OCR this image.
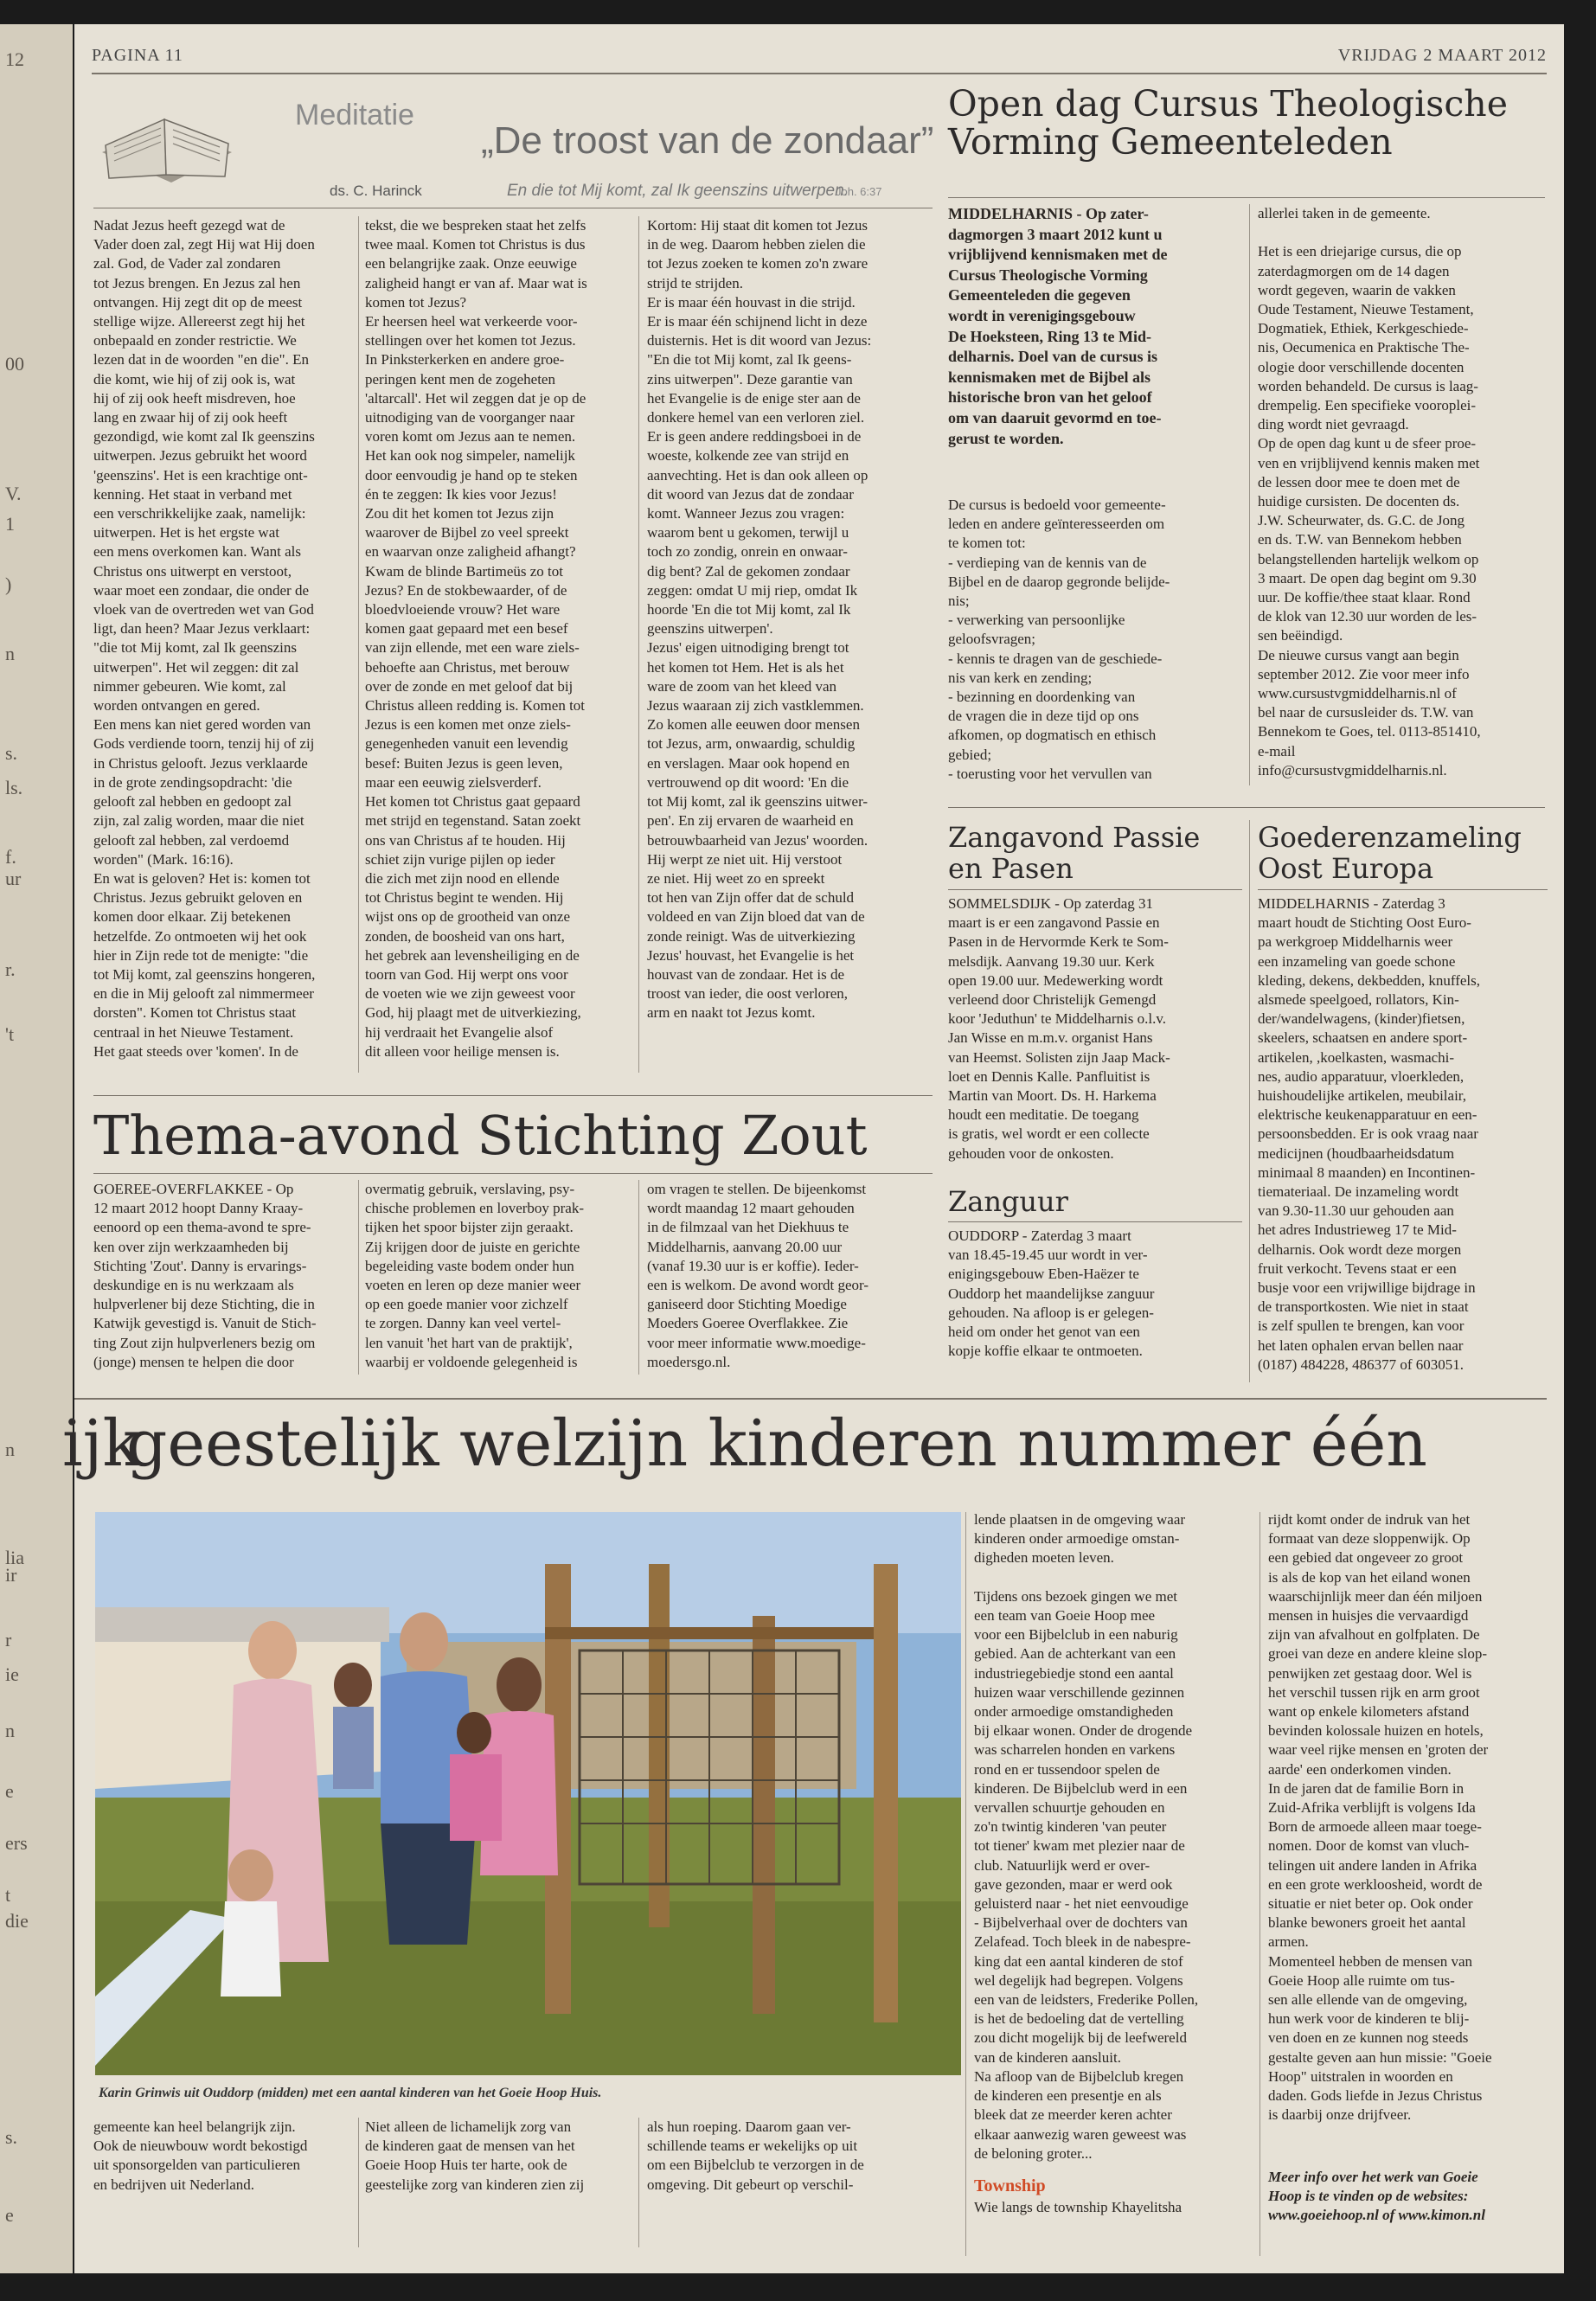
12
00
V.
1
)
n
s.
ls.
f.
ur
r.
't
n
lia
ir
r
ie
n
e
ers
t
die
s.
e
PAGINA 11	VRIJDAG 2 MAART 2012
Meditatie
ds. C. Harinck
„De troost van de zondaar”
En die tot Mij komt, zal Ik geenszins uitwerpen.
Joh. 6:37

Nadat Jezus heeft gezegd wat de
Vader doen zal, zegt Hij wat Hij doen
zal. God, de Vader zal zondaren
tot Jezus brengen. En Jezus zal hen
ontvangen. Hij zegt dit op de meest
stellige wijze. Allereerst zegt hij het
onbepaald en zonder restrictie. We
lezen dat in de woorden "en die". En
die komt, wie hij of zij ook is, wat
hij of zij ook heeft misdreven, hoe
lang en zwaar hij of zij ook heeft
gezondigd, wie komt zal Ik geenszins
uitwerpen. Jezus gebruikt het woord
'geenszins'. Het is een krachtige ont-
kenning. Het staat in verband met
een verschrikkelijke zaak, namelijk:
uitwerpen. Het is het ergste wat
een mens overkomen kan. Want als
Christus ons uitwerpt en verstoot,
waar moet een zondaar, die onder de
vloek van de overtreden wet van God
ligt, dan heen? Maar Jezus verklaart:
"die tot Mij komt, zal Ik geenszins
uitwerpen". Het wil zeggen: dit zal
nimmer gebeuren. Wie komt, zal
worden ontvangen en gered.
Een mens kan niet gered worden van
Gods verdiende toorn, tenzij hij of zij
in Christus gelooft. Jezus verklaarde
in de grote zendingsopdracht: 'die
gelooft zal hebben en gedoopt zal
zijn, zal zalig worden, maar die niet
gelooft zal hebben, zal verdoemd
worden" (Mark. 16:16).
En wat is geloven? Het is: komen tot
Christus. Jezus gebruikt geloven en
komen door elkaar. Zij betekenen
hetzelfde. Zo ontmoeten wij het ook
hier in Zijn rede tot de menigte: "die
tot Mij komt, zal geenszins hongeren,
en die in Mij gelooft zal nimmermeer
dorsten". Komen tot Christus staat
centraal in het Nieuwe Testament.
Het gaat steeds over 'komen'. In de

tekst, die we bespreken staat het zelfs
twee maal. Komen tot Christus is dus
een belangrijke zaak. Onze eeuwige
zaligheid hangt er van af. Maar wat is
komen tot Jezus?
Er heersen heel wat verkeerde voor-
stellingen over het komen tot Jezus.
In Pinksterkerken en andere groe-
peringen kent men de zogeheten
'altarcall'. Het wil zeggen dat je op de
uitnodiging van de voorganger naar
voren komt om Jezus aan te nemen.
Het kan ook nog simpeler, namelijk
door eenvoudig je hand op te steken
én te zeggen: Ik kies voor Jezus!
Zou dit het komen tot Jezus zijn
waarover de Bijbel zo veel spreekt
en waarvan onze zaligheid afhangt?
Kwam de blinde Bartimeüs zo tot
Jezus? En de stokbewaarder, of de
bloedvloeiende vrouw? Het ware
komen gaat gepaard met een besef
van zijn ellende, met een ware ziels-
behoefte aan Christus, met berouw
over de zonde en met geloof dat bij
Christus alleen redding is. Komen tot
Jezus is een komen met onze ziels-
genegenheden vanuit een levendig
besef: Buiten Jezus is geen leven,
maar een eeuwig zielsverderf.
Het komen tot Christus gaat gepaard
met strijd en tegenstand. Satan zoekt
ons van Christus af te houden. Hij
schiet zijn vurige pijlen op ieder
die zich met zijn nood en ellende
tot Christus begint te wenden. Hij
wijst ons op de grootheid van onze
zonden, de boosheid van ons hart,
het gebrek aan levensheiliging en de
toorn van God. Hij werpt ons voor
de voeten wie we zijn geweest voor
God, hij plaagt met de uitverkiezing,
hij verdraait het Evangelie alsof
dit alleen voor heilige mensen is.

Kortom: Hij staat dit komen tot Jezus
in de weg. Daarom hebben zielen die
tot Jezus zoeken te komen zo'n zware
strijd te strijden.
Er is maar één houvast in die strijd.
Er is maar één schijnend licht in deze
duisternis. Het is dit woord van Jezus:
"En die tot Mij komt, zal Ik geens-
zins uitwerpen". Deze garantie van
het Evangelie is de enige ster aan de
donkere hemel van een verloren ziel.
Er is geen andere reddingsboei in de
woeste, kolkende zee van strijd en
aanvechting. Het is dan ook alleen op
dit woord van Jezus dat de zondaar
komt. Wanneer Jezus zou vragen:
waarom bent u gekomen, terwijl u
toch zo zondig, onrein en onwaar-
dig bent? Zal de gekomen zondaar
zeggen: omdat U mij riep, omdat Ik
hoorde 'En die tot Mij komt, zal Ik
geenszins uitwerpen'.
Jezus' eigen uitnodiging brengt tot
het komen tot Hem. Het is als het
ware de zoom van het kleed van
Jezus waaraan zij zich vastklemmen.
Zo komen alle eeuwen door mensen
tot Jezus, arm, onwaardig, schuldig
en verslagen. Maar ook hopend en
vertrouwend op dit woord: 'En die
tot Mij komt, zal ik geenszins uitwer-
pen'. En zij ervaren de waarheid en
betrouwbaarheid van Jezus' woorden.
Hij werpt ze niet uit. Hij verstoot
ze niet. Hij weet zo en spreekt
tot hen van Zijn offer dat de schuld
voldeed en van Zijn bloed dat van de
zonde reinigt. Was de uitverkiezing
Jezus' houvast, het Evangelie is het
houvast van de zondaar. Het is de
troost van ieder, die oost verloren,
arm en naakt tot Jezus komt.

Open dag Cursus Theologische Vorming Gemeenteleden

MIDDELHARNIS - Op zater-
dagmorgen 3 maart 2012 kunt u
vrijblijvend kennismaken met de
Cursus Theologische Vorming
Gemeenteleden die gegeven
wordt in verenigingsgebouw
De Hoeksteen, Ring 13 te Mid-
delharnis. Doel van de cursus is
kennismaken met de Bijbel als
historische bron van het geloof
om van daaruit gevormd en toe-
gerust te worden.

De cursus is bedoeld voor gemeente-
leden en andere geïnteresseerden om
te komen tot:
- verdieping van de kennis van de
Bijbel en de daarop gegronde belijde-
nis;
- verwerking van persoonlijke
geloofsvragen;
- kennis te dragen van de geschiede-
nis van kerk en zending;
- bezinning en doordenking van
de vragen die in deze tijd op ons
afkomen, op dogmatisch en ethisch
gebied;
- toerusting voor het vervullen van

allerlei taken in de gemeente.

Het is een driejarige cursus, die op
zaterdagmorgen om de 14 dagen
wordt gegeven, waarin de vakken
Oude Testament, Nieuwe Testament,
Dogmatiek, Ethiek, Kerkgeschiede-
nis, Oecumenica en Praktische The-
ologie door verschillende docenten
worden behandeld. De cursus is laag-
drempelig. Een specifieke vooroplei-
ding wordt niet gevraagd.
Op de open dag kunt u de sfeer proe-
ven en vrijblijvend kennis maken met
de lessen door mee te doen met de
huidige cursisten. De docenten ds.
J.W. Scheurwater, ds. G.C. de Jong
en ds. T.W. van Bennekom hebben
belangstellenden hartelijk welkom op
3 maart. De open dag begint om 9.30
uur. De koffie/thee staat klaar. Rond
de klok van 12.30 uur worden de les-
sen beëindigd.
De nieuwe cursus vangt aan begin
september 2012. Zie voor meer info
www.cursustvgmiddelharnis.nl of
bel naar de cursusleider ds. T.W. van
Bennekom te Goes, tel. 0113-851410,
e-mail
info@cursustvgmiddelharnis.nl.

Zangavond Passie en Pasen

SOMMELSDIJK - Op zaterdag 31
maart is er een zangavond Passie en
Pasen in de Hervormde Kerk te Som-
melsdijk. Aanvang 19.30 uur. Kerk
open 19.00 uur. Medewerking wordt
verleend door Christelijk Gemengd
koor 'Jeduthun' te Middelharnis o.l.v.
Jan Wisse en m.m.v. organist Hans
van Heemst. Solisten zijn Jaap Mack-
loet en Dennis Kalle. Panfluitist is
Martin van Moort. Ds. H. Harkema
houdt een meditatie. De toegang
is gratis, wel wordt er een collecte
gehouden voor de onkosten.

Zanguur

OUDDORP - Zaterdag 3 maart
van 18.45-19.45 uur wordt in ver-
enigingsgebouw Eben-Haëzer te
Ouddorp het maandelijkse zanguur
gehouden. Na afloop is er gelegen-
heid om onder het genot van een
kopje koffie elkaar te ontmoeten.

Goederenzameling Oost Europa

MIDDELHARNIS - Zaterdag 3
maart houdt de Stichting Oost Euro-
pa werkgroep Middelharnis weer
een inzameling van goede schone
kleding, dekens, dekbedden, knuffels,
alsmede speelgoed, rollators, Kin-
der/wandelwagens, (kinder)fietsen,
skeelers, schaatsen en andere sport-
artikelen, ,koelkasten, wasmachi-
nes, audio apparatuur, vloerkleden,
huishoudelijke artikelen, meubilair,
elektrische keukenapparatuur en een-
persoonsbedden. Er is ook vraag naar
medicijnen (houdbaarheidsdatum
minimaal 8 maanden) en Incontinen-
tiemateriaal. De inzameling wordt
van 9.30-11.30 uur gehouden aan
het adres Industrieweg 17 te Mid-
delharnis. Ook wordt deze morgen
fruit verkocht. Tevens staat er een
busje voor een vrijwillige bijdrage in
de transportkosten. Wie niet in staat
is zelf spullen te brengen, kan voor
het laten ophalen ervan bellen naar
(0187) 484228, 486377 of 603051.

Thema-avond Stichting Zout

GOEREE-OVERFLAKKEE - Op
12 maart 2012 hoopt Danny Kraay-
eenoord op een thema-avond te spre-
ken over zijn werkzaamheden bij
Stichting 'Zout'. Danny is ervarings-
deskundige en is nu werkzaam als
hulpverlener bij deze Stichting, die in
Katwijk gevestigd is. Vanuit de Stich-
ting Zout zijn hulpverleners bezig om
(jonge) mensen te helpen die door

overmatig gebruik, verslaving, psy-
chische problemen en loverboy prak-
tijken het spoor bijster zijn geraakt.
Zij krijgen door de juiste en gerichte
begeleiding vaste bodem onder hun
voeten en leren op deze manier weer
op een goede manier voor zichzelf
te zorgen. Danny kan veel vertel-
len vanuit 'het hart van de praktijk',
waarbij er voldoende gelegenheid is

om vragen te stellen. De bijeenkomst
wordt maandag 12 maart gehouden
in de filmzaal van het Diekhuus te
Middelharnis, aanvang 20.00 uur
(vanaf 19.30 uur is er koffie). Ieder-
een is welkom. De avond wordt geor-
ganiseerd door Stichting Moedige
Moeders Goeree Overflakkee. Zie
voor meer informatie www.moedige-
moedersgo.nl.

ijk
geestelijk welzijn kinderen nummer één
Karin Grinwis uit Ouddorp (midden) met een aantal kinderen van het Goeie Hoop Huis.

gemeente kan heel belangrijk zijn.
Ook de nieuwbouw wordt bekostigd
uit sponsorgelden van particulieren
en bedrijven uit Nederland.

Niet alleen de lichamelijk zorg van
de kinderen gaat de mensen van het
Goeie Hoop Huis ter harte, ook de
geestelijke zorg van kinderen zien zij

als hun roeping. Daarom gaan ver-
schillende teams er wekelijks op uit
om een Bijbelclub te verzorgen in de
omgeving. Dit gebeurt op verschil-

lende plaatsen in de omgeving waar
kinderen onder armoedige omstan-
digheden moeten leven.

Tijdens ons bezoek gingen we met
een team van Goeie Hoop mee
voor een Bijbelclub in een naburig
gebied. Aan de achterkant van een
industriegebiedje stond een aantal
huizen waar verschillende gezinnen
onder armoedige omstandigheden
bij elkaar wonen. Onder de drogende
was scharrelen honden en varkens
rond en er tussendoor spelen de
kinderen. De Bijbelclub werd in een
vervallen schuurtje gehouden en
zo'n twintig kinderen 'van peuter
tot tiener' kwam met plezier naar de
club. Natuurlijk werd er over-
gave gezonden, maar er werd ook
geluisterd naar - het niet eenvoudige
- Bijbelverhaal over de dochters van
Zelafead. Toch bleek in de nabespre-
king dat een aantal kinderen de stof
wel degelijk had begrepen. Volgens
een van de leidsters, Frederike Pollen,
is het de bedoeling dat de vertelling
zou dicht mogelijk bij de leefwereld
van de kinderen aansluit.
Na afloop van de Bijbelclub kregen
de kinderen een presentje en als
bleek dat ze meerder keren achter
elkaar aanwezig waren geweest was
de beloning groter...

Township
Wie langs de township Khayelitsha

rijdt komt onder de indruk van het
formaat van deze sloppenwijk. Op
een gebied dat ongeveer zo groot
is als de kop van het eiland wonen
waarschijnlijk meer dan één miljoen
mensen in huisjes die vervaardigd
zijn van afvalhout en golfplaten. De
groei van deze en andere kleine slop-
penwijken zet gestaag door. Wel is
het verschil tussen rijk en arm groot
want op enkele kilometers afstand
bevinden kolossale huizen en hotels,
waar veel rijke mensen en 'groten der
aarde' een onderkomen vinden.
In de jaren dat de familie Born in
Zuid-Afrika verblijft is volgens Ida
Born de armoede alleen maar toege-
nomen. Door de komst van vluch-
telingen uit andere landen in Afrika
en een grote werkloosheid, wordt de
situatie er niet beter op. Ook onder
blanke bewoners groeit het aantal
armen.
Momenteel hebben de mensen van
Goeie Hoop alle ruimte om tus-
sen alle ellende van de omgeving,
hun werk voor de kinderen te blij-
ven doen en ze kunnen nog steeds
gestalte geven aan hun missie: "Goeie
Hoop" uitstralen in woorden en
daden. Gods liefde in Jezus Christus
is daarbij onze drijfveer.

Meer info over het werk van Goeie
Hoop is te vinden op de websites:
www.goeiehoop.nl of www.kimon.nl
